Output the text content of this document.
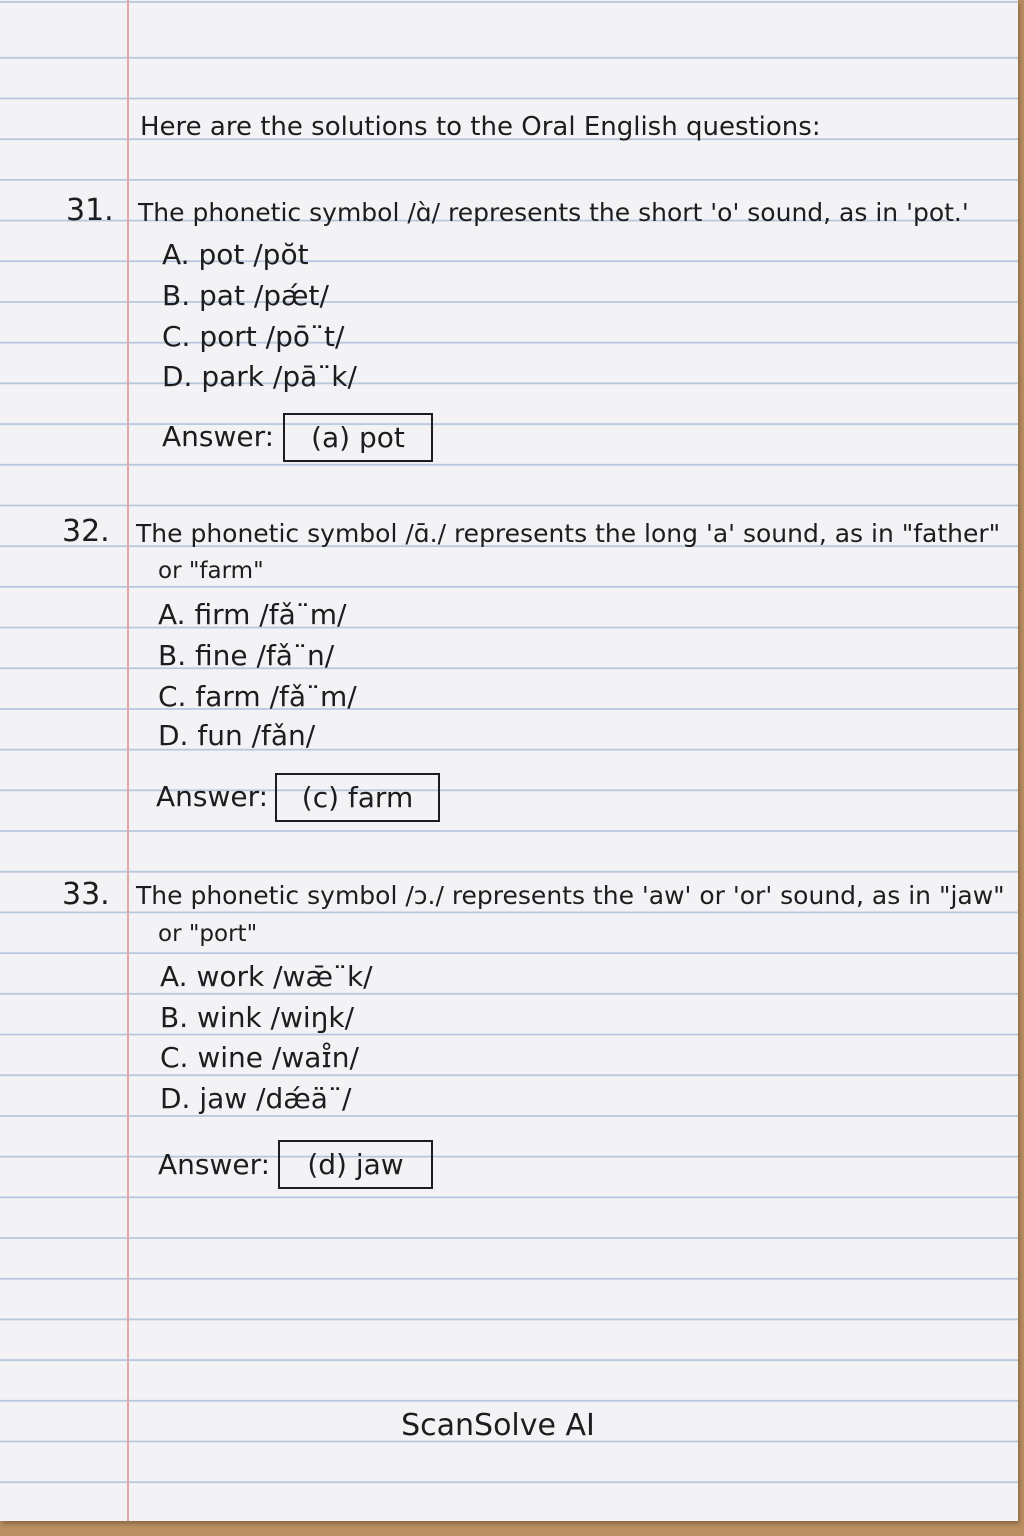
Here are the solutions to the Oral English questions:

31. The phonetic symbol /ɑ̀/ represents the short 'o' sound, as in 'pot.'

A. pot /pŏt

B. pat /pǽt/

C. port /pō¨t/

D. park /pā¨k/

Answer:	(a) pot

32. The phonetic symbol /ɑ̄./ represents the long 'a' sound, as in "father"

or "farm"

A. firm /fǎ¨m/

B. fine /fǎ¨n/

C. farm /fǎ¨m/

D. fun /fǎn/

Answer:	(c) farm

33. The phonetic symbol /ɔ./ represents the 'aw' or 'or' sound, as in "jaw"

or "port"

A. work /wǣ¨k/

B. wink /wiŋk/

C. wine /waɪ̊n/

D. jaw /dǽä¨/

Answer:	(d) jaw

ScanSolve AI
